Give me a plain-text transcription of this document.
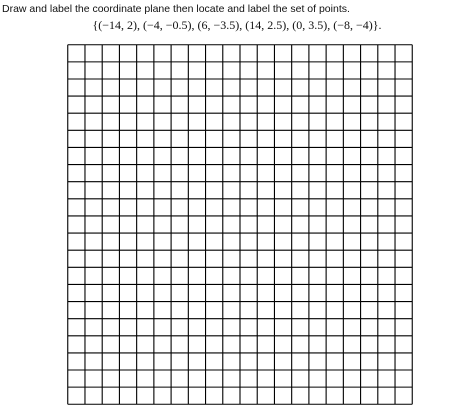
Draw and label the coordinate plane then locate and label the set of points.

{(−14, 2), (−4, −0.5), (6, −3.5), (14, 2.5), (0, 3.5), (−8, −4)}.
